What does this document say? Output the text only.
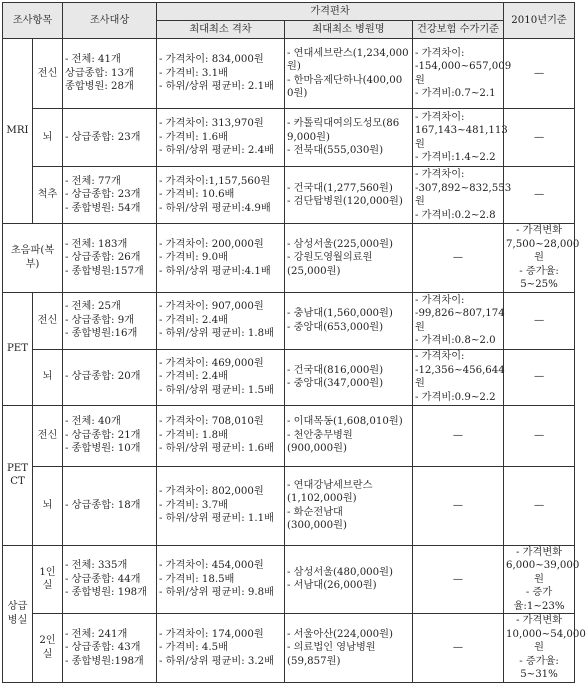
조사항목		조사대상	가격편차			2010년기준
			최대최소 격차	최대최소 병원명	건강보험 수가기준	
MRI	전신	- 전체: 41개
상급종합: 13개
종합병원: 28개	- 가격차이: 834,000원
- 가격비: 3.1배
- 하위/상위 평균비: 2.1배	- 연대세브란스(1,234,000
원)
- 한마음제단하나(400,00
0원)	- 가격차이:
-154,000~657,009원
- 가격비:0.7~2.1	—
	뇌	- 상급종합: 23개	- 가격차이: 313,970원
- 가격비: 1.6배
- 하위/상위 평균비: 2.4배	- 카톨릭대여의도성모(86
9,000원)
- 전북대(555,030원)	- 가격차이:
167,143~481,113원
- 가격비:1.4~2.2	—
	척추	- 전체: 77개
- 상급종합: 23개
- 종합병원: 54개	- 가격차이:1,157,560원
- 가격비: 10.6배
- 하위/상위 평균비:4.9배	- 건국대(1,277,560원)
- 검단탑병원(120,000원)	- 가격차이:
-307,892~832,553원
- 가격비:0.2~2.8	—
초음파(복부)		- 전체: 183개
- 상급종합: 26개
- 종합병원:157개	- 가격차이: 200,000원
- 가격비: 9.0배
- 하위/상위 평균비:4.1배	- 삼성서울(225,000원)
- 강원도영월의료원
(25,000원)	—	- 가격변화
7,500~28,000원
- 증가율: 5~25%
PET	전신	- 전체: 25개
- 상급종합: 9개
- 종합병원:16개	- 가격차이: 907,000원
- 가격비: 2.4배
- 하위/상위 평균비: 1.8배	- 충남대(1,560,000원)
- 중앙대(653,000원)	- 가격차이:
-99,826~807,174원
- 가격비:0.8~2.0	—
	뇌	- 상급종합: 20개	- 가격차이: 469,000원
- 가격비: 2.4배
- 하위/상위 평균비: 1.5배	- 건국대(816,000원)
- 중앙대(347,000원)	- 가격차이:
-12,356~456,644원
- 가격비:0.9~2.2	—
PET
CT	전신	- 전체: 40개
- 상급종합: 21개
- 종합병원: 10개	- 가격차이: 708,010원
- 가격비: 1.8배
- 하위/상위 평균비: 1.6배	- 이대목동(1,608,010원)
- 천안충무병원
(900,000원)	—	—
	뇌	- 상급종합: 18개	- 가격차이: 802,000원
- 가격비: 3.7배
- 하위/상위 평균비: 1.1배	- 연대강남세브란스
(1,102,000원)
- 화순전남대
(300,000원)	—	—
상급
병실	1인실	- 전체: 335개
- 상급종합: 44개
- 종합병원: 198개	- 가격차이: 454,000원
- 가격비: 18.5배
- 하위/상위 평균비: 9.8배	- 삼성서울(480,000원)
- 서남대(26,000원)	—	- 가격변화
6,000~39,000원
- 증가율:1~23%
	2인실	- 전체: 241개
- 상급종합: 43개
- 종합병원:198개	- 가격차이: 174,000원
- 가격비: 4.5배
- 하위/상위 평균비: 3.2배	- 서울아산(224,000원)
- 의료법인 영남병원
(59,857원)	—	- 가격변화
10,000~54,000원
- 증가율: 5~31%
